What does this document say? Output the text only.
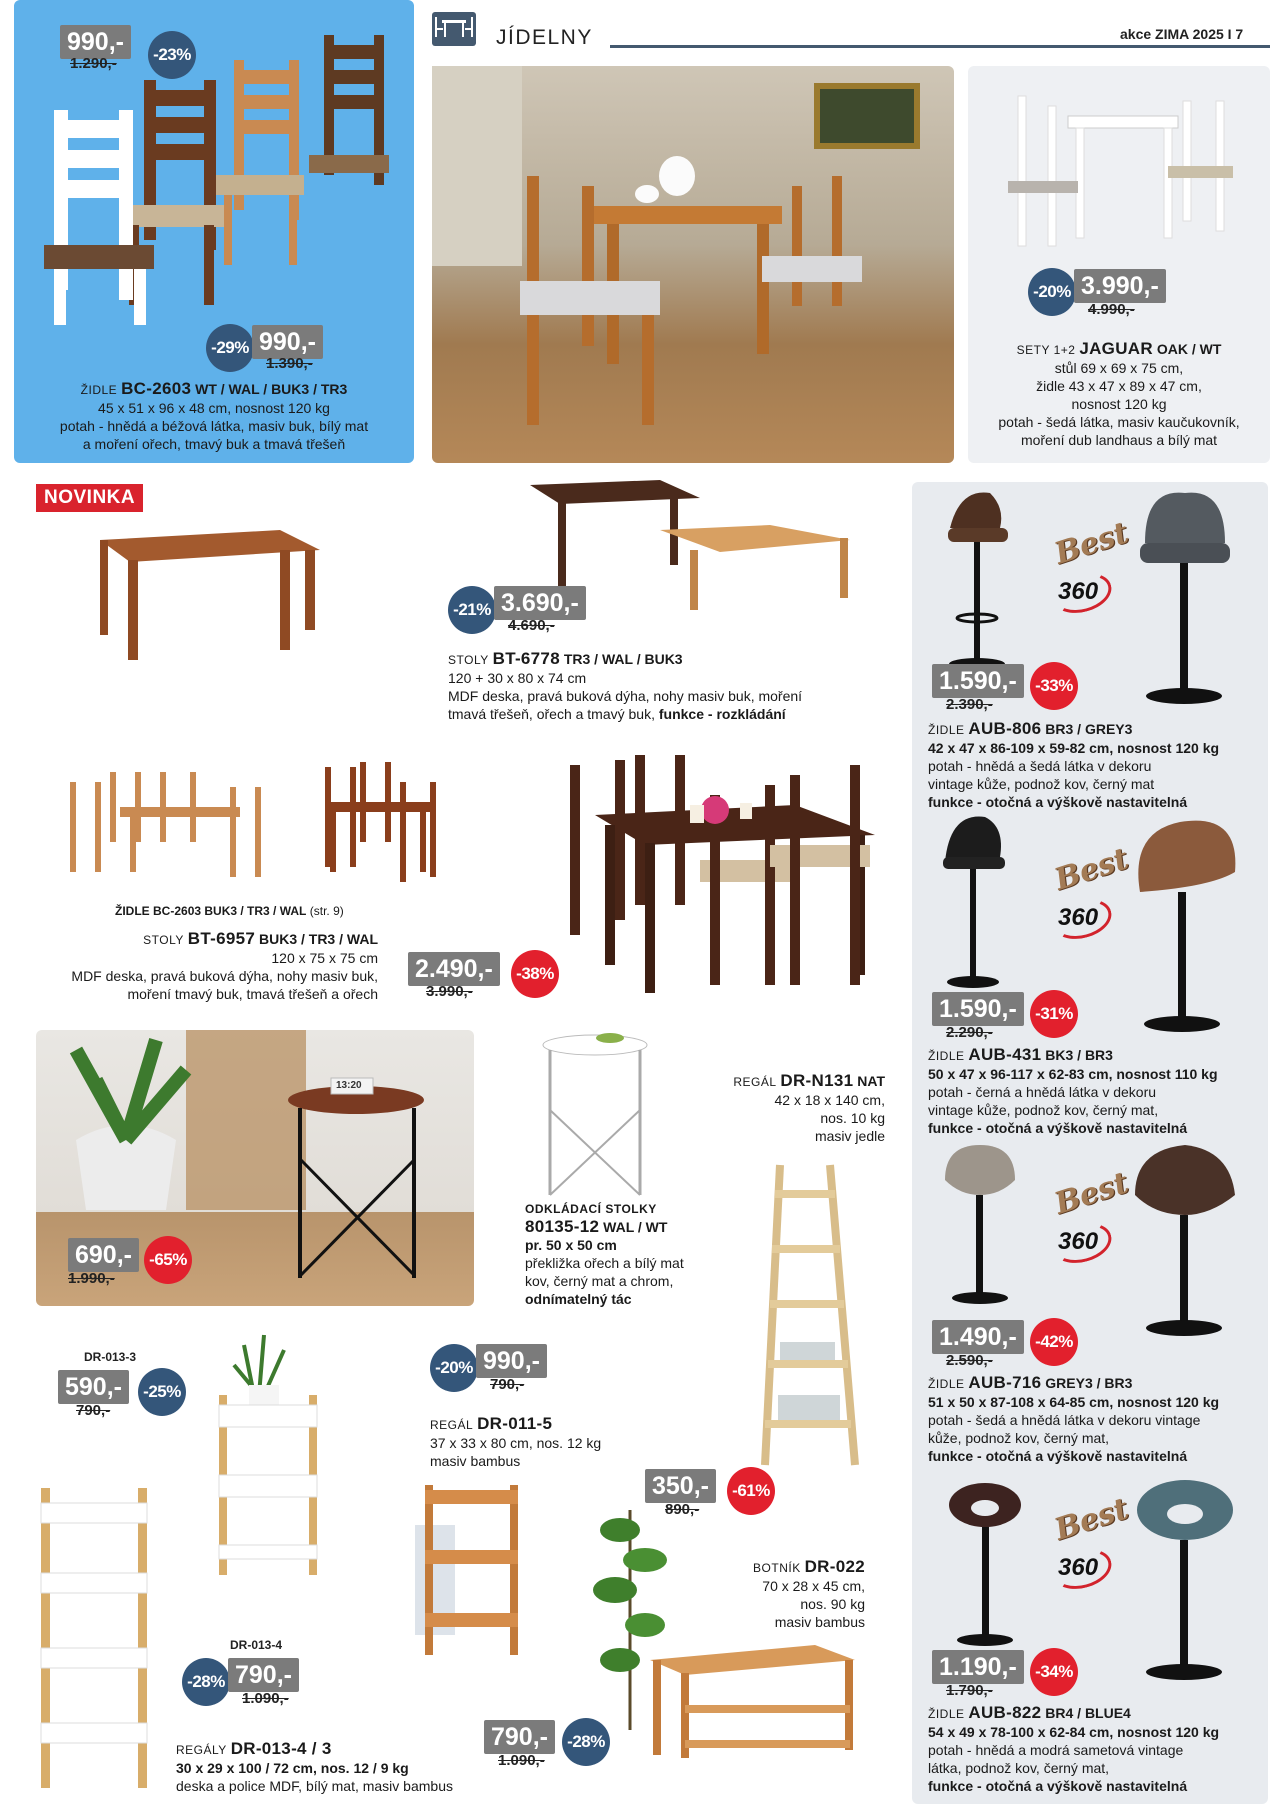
JÍDELNY	akce ZIMA 2025 I 7
990,-
1.290,-	-23%
-29% 990,-
1.390,-
ŽIDLE BC-2603 WT / WAL / BUK3 / TR3
45 x 51 x 96 x 48 cm, nosnost 120 kg
potah - hnědá a béžová látka, masiv buk, bílý mat
a moření ořech, tmavý buk a tmavá třešeň
-20% 3.990,-
4.990,-
SETY 1+2 JAGUAR OAK / WT
stůl 69 x 69 x 75 cm,
židle 43 x 47 x 89 x 47 cm,
nosnost 120 kg
potah - šedá látka, masiv kaučukovník,
moření dub landhaus a bílý mat
NOVINKA
-21% 3.690,-
4.690,-
STOLY BT-6778 TR3 / WAL / BUK3
120 + 30 x 80 x 74 cm
MDF deska, pravá buková dýha, nohy masiv buk, moření
tmavá třešeň, ořech a tmavý buk, funkce - rozkládání
ŽIDLE BC-2603 BUK3 / TR3 / WAL (str. 9)
STOLY BT-6957 BUK3 / TR3 / WAL
120 x 75 x 75 cm
MDF deska, pravá buková dýha, nohy masiv buk,
moření tmavý buk, tmavá třešeň a ořech
2.490,-
3.990,-
-38%
13:20
690,-
1.990,-
-65%
ODKLÁDACÍ STOLKY
80135-12 WAL / WT
pr. 50 x 50 cm
překližka ořech a bílý mat
kov, černý mat a chrom,
odnímatelný tác
REGÁL DR-N131 NAT
42 x 18 x 140 cm,
nos. 10 kg
masiv jedle
350,-
890,-
-61%
DR-013-3
590,-
790,-
-25%
DR-013-4
-28% 790,-
1.090,-
REGÁLY DR-013-4 / 3
30 x 29 x 100 / 72 cm, nos. 12 / 9 kg
deska a police MDF, bílý mat, masiv bambus
-20% 990,-
790,-
REGÁL DR-011-5
37 x 33 x 80 cm, nos. 12 kg
masiv bambus
BOTNÍK DR-022
70 x 28 x 45 cm,
nos. 90 kg
masiv bambus
790,-
1.090,-
-28%
Best
360
1.590,-
2.390,-
-33%
ŽIDLE AUB-806 BR3 / GREY3
42 x 47 x 86-109 x 59-82 cm, nosnost 120 kg
potah - hnědá a šedá látka v dekoru
vintage kůže, podnož kov, černý mat
funkce - otočná a výškově nastavitelná
Best
360
1.590,-
2.290,-
-31%
ŽIDLE AUB-431 BK3 / BR3
50 x 47 x 96-117 x 62-83 cm, nosnost 110 kg
potah - černá a hnědá látka v dekoru
vintage kůže, podnož kov, černý mat,
funkce - otočná a výškově nastavitelná
Best
360
1.490,-
2.590,-
-42%
ŽIDLE AUB-716 GREY3 / BR3
51 x 50 x 87-108 x 64-85 cm, nosnost 120 kg
potah - šedá a hnědá látka v dekoru vintage
kůže, podnož kov, černý mat,
funkce - otočná a výškově nastavitelná
Best
360
1.190,-
1.790,-
-34%
ŽIDLE AUB-822 BR4 / BLUE4
54 x 49 x 78-100 x 62-84 cm, nosnost 120 kg
potah - hnědá a modrá sametová vintage
látka, podnož kov, černý mat,
funkce - otočná a výškově nastavitelná
